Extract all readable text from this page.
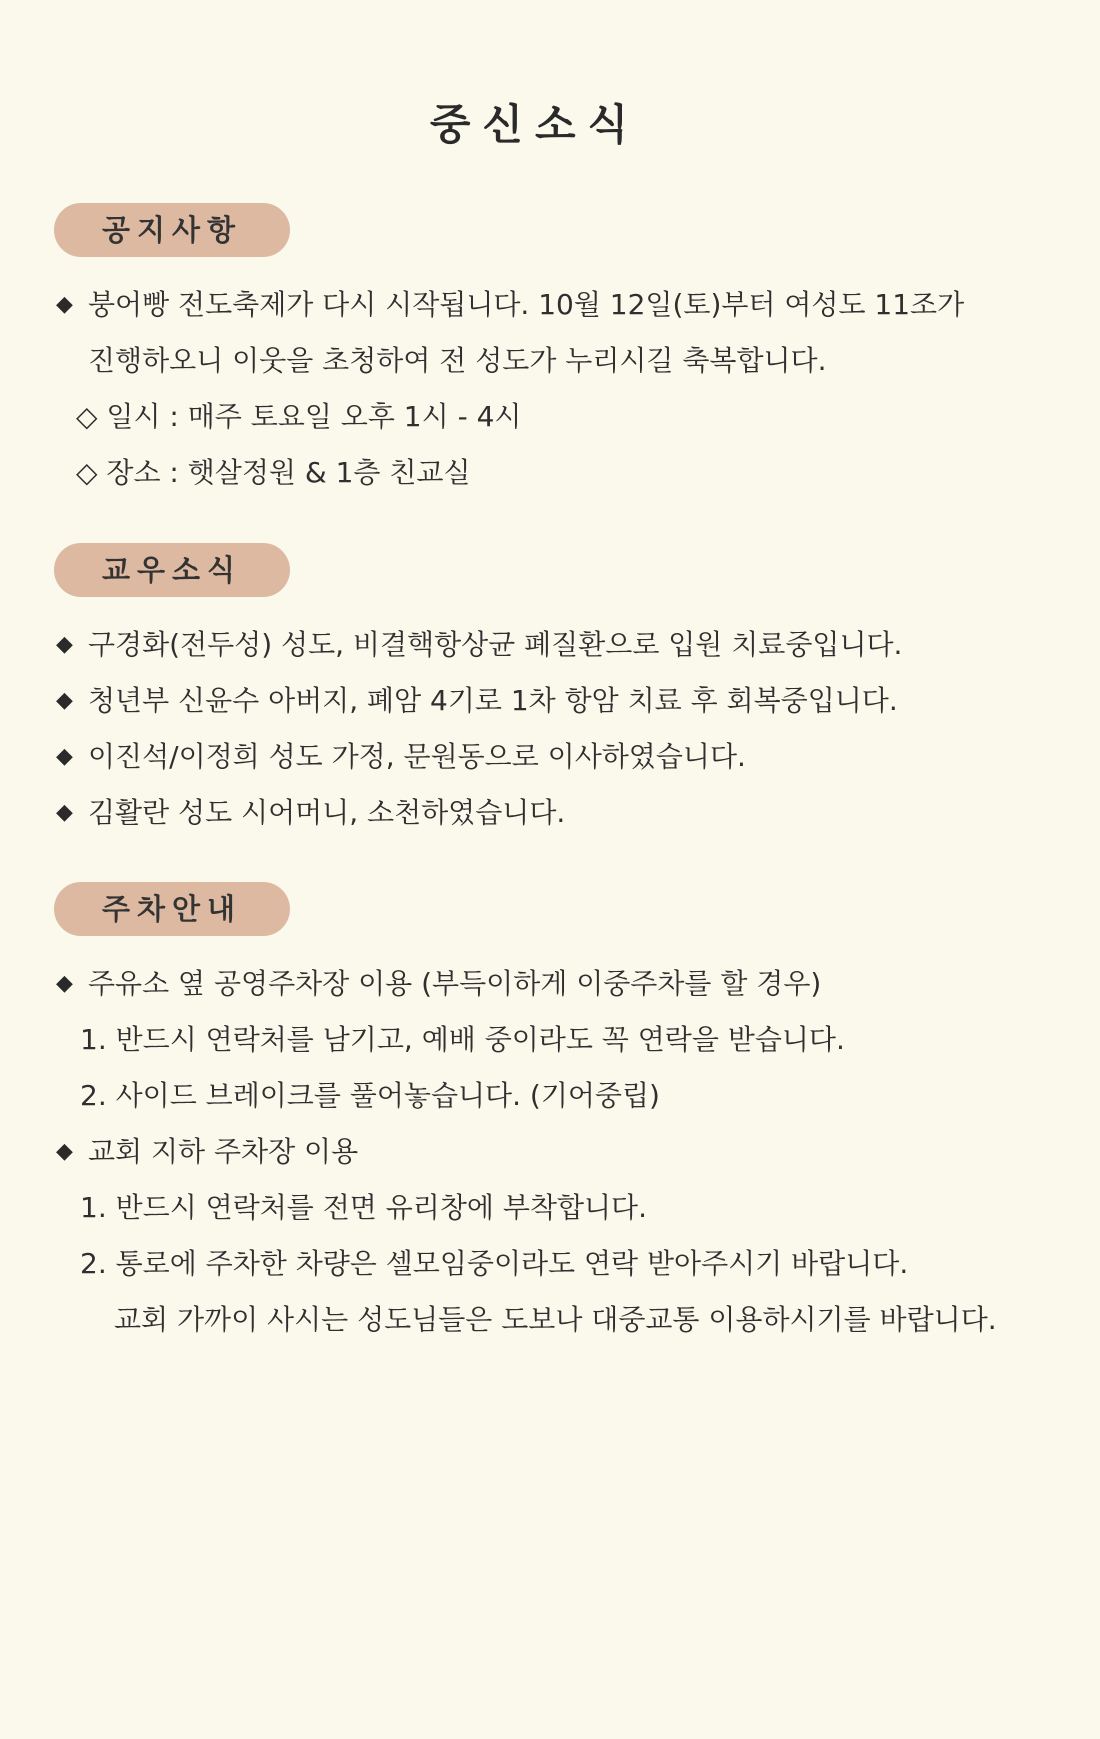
중신소식
공지사항
◆ 붕어빵 전도축제가 다시 시작됩니다. 10월 12일(토)부터 여성도 11조가
진행하오니 이웃을 초청하여 전 성도가 누리시길 축복합니다.
◇ 일시 : 매주 토요일 오후 1시 - 4시
◇ 장소 : 햇살정원 & 1층 친교실
교우소식
◆ 구경화(전두성) 성도, 비결핵항상균 폐질환으로 입원 치료중입니다.
◆ 청년부 신윤수 아버지, 폐암 4기로 1차 항암 치료 후 회복중입니다.
◆ 이진석/이정희 성도 가정, 문원동으로 이사하였습니다.
◆ 김활란 성도 시어머니, 소천하였습니다.
주차안내
◆ 주유소 옆 공영주차장 이용 (부득이하게 이중주차를 할 경우)
1. 반드시 연락처를 남기고, 예배 중이라도 꼭 연락을 받습니다.
2. 사이드 브레이크를 풀어놓습니다. (기어중립)
◆ 교회 지하 주차장 이용
1. 반드시 연락처를 전면 유리창에 부착합니다.
2. 통로에 주차한 차량은 셀모임중이라도 연락 받아주시기 바랍니다.
교회 가까이 사시는 성도님들은 도보나 대중교통 이용하시기를 바랍니다.
